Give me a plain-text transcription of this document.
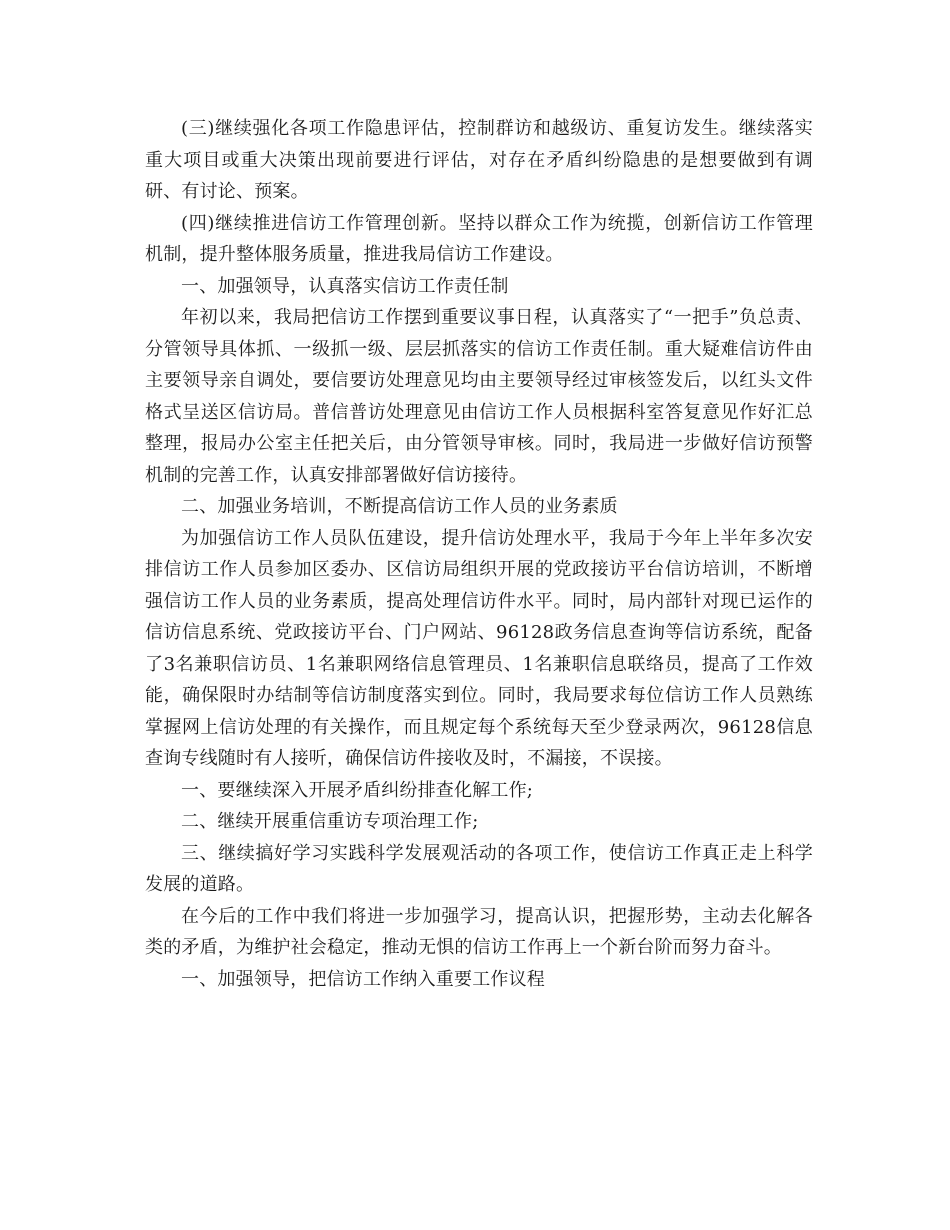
(三)继续强化各项工作隐患评估，控制群访和越级访、重复访发生。继续落实重大项目或重大决策出现前要进行评估，对存在矛盾纠纷隐患的是想要做到有调研、有讨论、预案。

(四)继续推进信访工作管理创新。坚持以群众工作为统揽，创新信访工作管理机制，提升整体服务质量，推进我局信访工作建设。

一、加强领导，认真落实信访工作责任制

年初以来，我局把信访工作摆到重要议事日程，认真落实了“一把手”负总责、分管领导具体抓、一级抓一级、层层抓落实的信访工作责任制。重大疑难信访件由主要领导亲自调处，要信要访处理意见均由主要领导经过审核签发后，以红头文件格式呈送区信访局。普信普访处理意见由信访工作人员根据科室答复意见作好汇总整理，报局办公室主任把关后，由分管领导审核。同时，我局进一步做好信访预警机制的完善工作，认真安排部署做好信访接待。

二、加强业务培训，不断提高信访工作人员的业务素质

为加强信访工作人员队伍建设，提升信访处理水平，我局于今年上半年多次安排信访工作人员参加区委办、区信访局组织开展的党政接访平台信访培训，不断增强信访工作人员的业务素质，提高处理信访件水平。同时，局内部针对现已运作的信访信息系统、党政接访平台、门户网站、96128政务信息查询等信访系统，配备了3名兼职信访员、1名兼职网络信息管理员、1名兼职信息联络员，提高了工作效能，确保限时办结制等信访制度落实到位。同时，我局要求每位信访工作人员熟练掌握网上信访处理的有关操作，而且规定每个系统每天至少登录两次，96128信息查询专线随时有人接听，确保信访件接收及时，不漏接，不误接。

一、要继续深入开展矛盾纠纷排查化解工作;

二、继续开展重信重访专项治理工作;

三、继续搞好学习实践科学发展观活动的各项工作，使信访工作真正走上科学发展的道路。

在今后的工作中我们将进一步加强学习，提高认识，把握形势，主动去化解各类的矛盾，为维护社会稳定，推动无惧的信访工作再上一个新台阶而努力奋斗。

一、加强领导，把信访工作纳入重要工作议程
